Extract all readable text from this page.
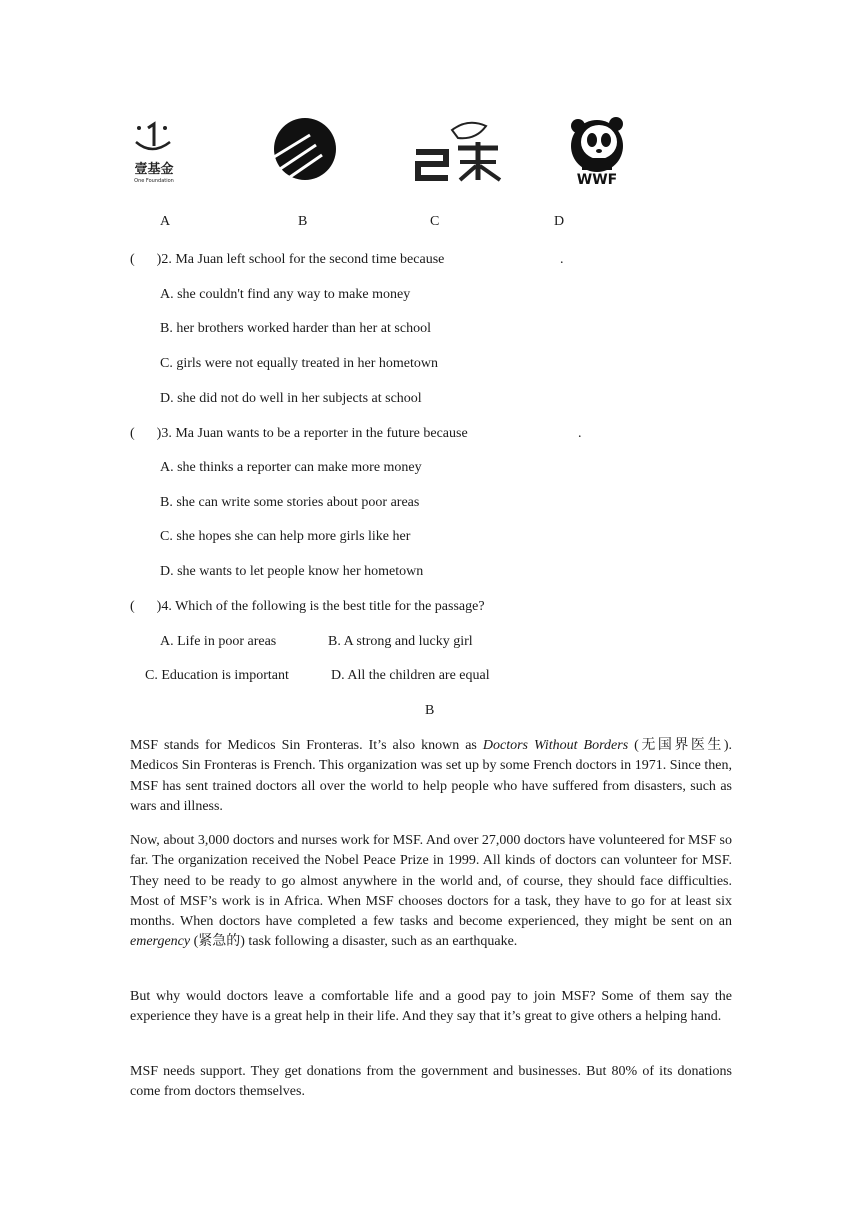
壹基金
One Foundation	WWF
A	B	C	D
( )2. Ma Juan left school for the second time because	.
A. she couldn't find any way to make money
B. her brothers worked harder than her at school
C. girls were not equally treated in her hometown
D. she did not do well in her subjects at school
( )3. Ma Juan wants to be a reporter in the future because	.
A. she thinks a reporter can make more money
B. she can write some stories about poor areas
C. she hopes she can help more girls like her
D. she wants to let people know her hometown
( )4. Which of the following is the best title for the passage?
A. Life in poor areas	B. A strong and lucky girl
C. Education is important	D. All the children are equal
B
MSF stands for Medicos Sin Fronteras. It’s also known as Doctors Without Borders (无国界医生). Medicos Sin Fronteras is French. This organization was set up by some French doctors in 1971. Since then, MSF has sent trained doctors all over the world to help people who have suffered from disasters, such as wars and illness.
Now, about 3,000 doctors and nurses work for MSF. And over 27,000 doctors have volunteered for MSF so far. The organization received the Nobel Peace Prize in 1999. All kinds of doctors can volunteer for MSF. They need to be ready to go almost anywhere in the world and, of course, they should face difficulties. Most of MSF’s work is in Africa. When MSF chooses doctors for a task, they have to go for at least six months. When doctors have completed a few tasks and become experienced, they might be sent on an emergency (紧急的) task following a disaster, such as an earthquake.
But why would doctors leave a comfortable life and a good pay to join MSF? Some of them say the experience they have is a great help in their life. And they say that it’s great to give others a helping hand.
MSF needs support. They get donations from the government and businesses. But 80% of its donations come from doctors themselves.
